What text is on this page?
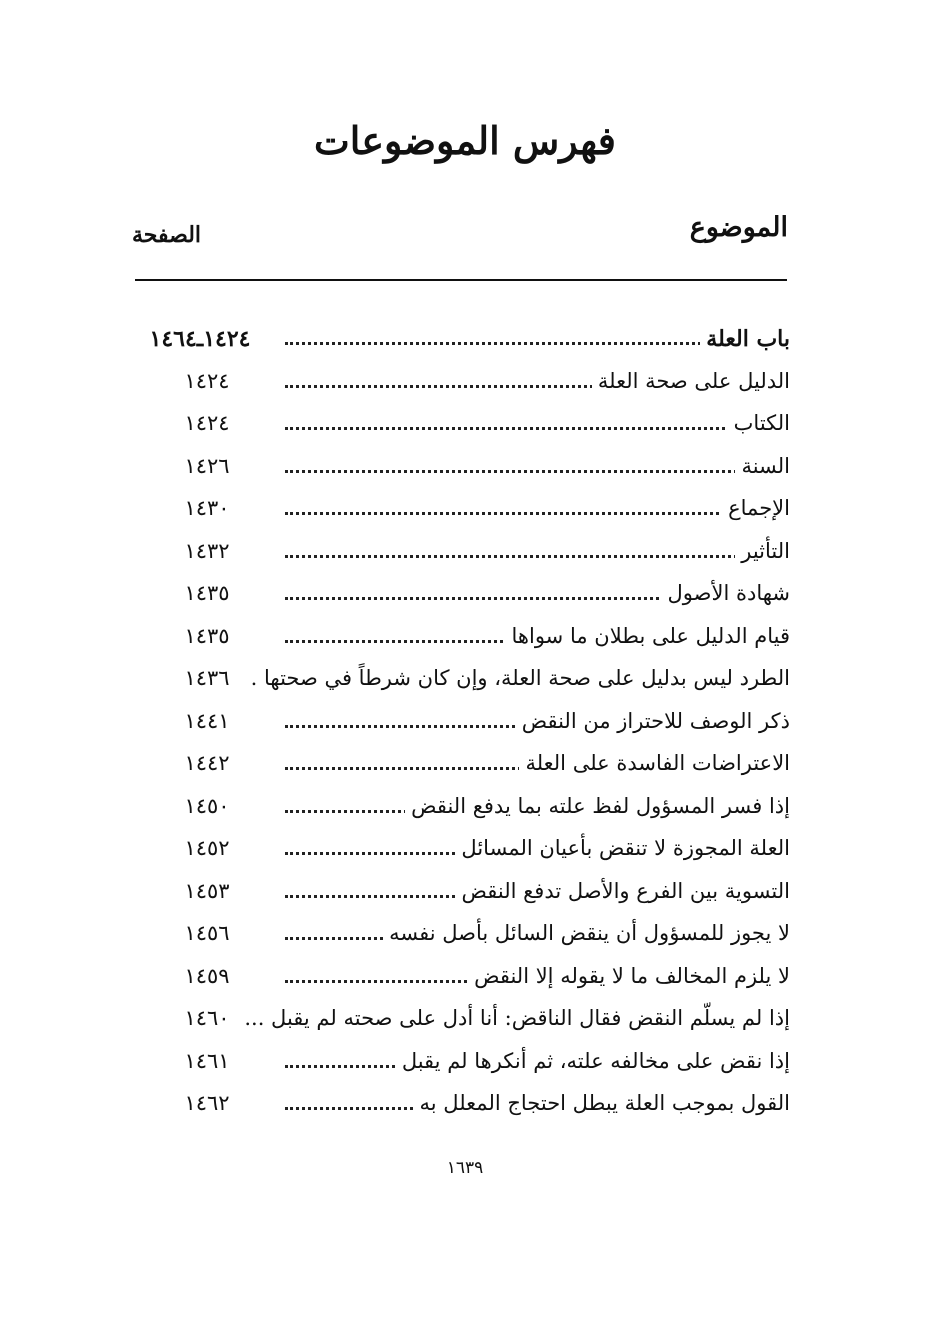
فهرس الموضوعات
الموضوع
الصفحة
باب العلة
١٤٢٤ـ١٤٦٤
الدليل على صحة العلة
١٤٢٤
الكتاب
١٤٢٤
السنة
١٤٢٦
الإجماع
١٤٣٠
التأثير
١٤٣٢
شهادة الأصول
١٤٣٥
قيام الدليل على بطلان ما سواها
١٤٣٥
الطرد ليس بدليل على صحة العلة، وإن كان شرطاً في صحتها .
١٤٣٦
ذكر الوصف للاحتراز من النقض
١٤٤١
الاعتراضات الفاسدة على العلة
١٤٤٢
إذا فسر المسؤول لفظ علته بما يدفع النقض
١٤٥٠
العلة المجوزة لا تنقض بأعيان المسائل
١٤٥٢
التسوية بين الفرع والأصل تدفع النقض
١٤٥٣
لا يجوز للمسؤول أن ينقض السائل بأصل نفسه
١٤٥٦
لا يلزم المخالف ما لا يقوله إلا النقض
١٤٥٩
إذا لم يسلّم النقض فقال الناقض: أنا أدل على صحته لم يقبل ...
١٤٦٠
إذا نقض على مخالفه علته، ثم أنكرها لم يقبل
١٤٦١
القول بموجب العلة يبطل احتجاج المعلل به
١٤٦٢
١٦٣٩
